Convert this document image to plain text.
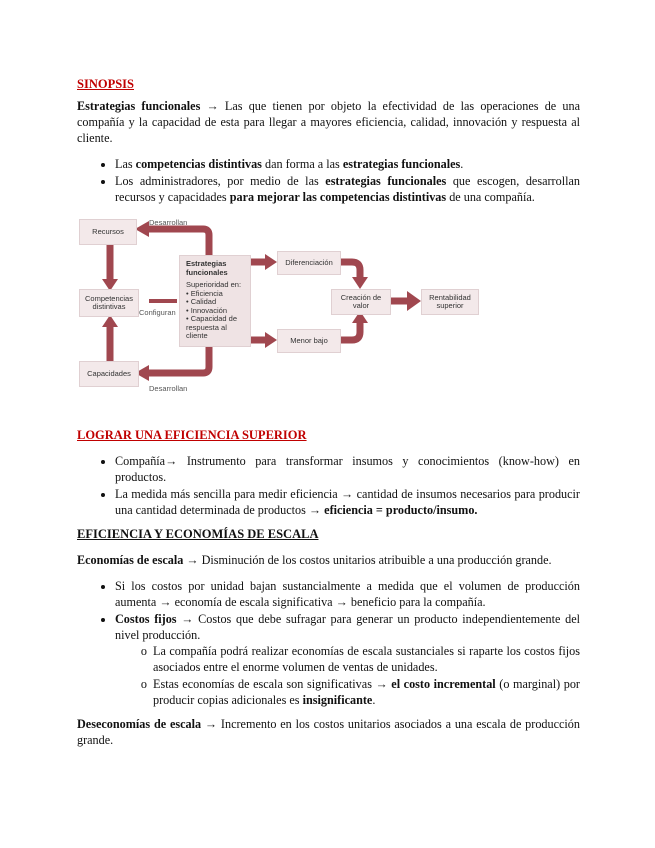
SINOPSIS

Estrategias funcionales → Las que tienen por objeto la efectividad de las operaciones de una compañía y la capacidad de esta para llegar a mayores eficiencia, calidad, innovación y respuesta al cliente.

• Las competencias distintivas dan forma a las estrategias funcionales.
• Los administradores, por medio de las estrategias funcionales que escogen, desarrollan recursos y capacidades para mejorar las competencias distintivas de una compañía.
Recursos
Competencias distintivas
Capacidades
Estrategias funcionales
Superioridad en:
• Eficiencia
• Calidad
• Innovación
• Capacidad de respuesta al cliente
Diferenciación
Menor bajo
Creación de valor
Rentabilidad superior
Desarrollan
Desarrollan
Configuran
LOGRAR UNA EFICIENCIA SUPERIOR
• Compañía→ Instrumento para transformar insumos y conocimientos (know-how) en productos.
• La medida más sencilla para medir eficiencia → cantidad de insumos necesarios para producir una cantidad determinada de productos → eficiencia = producto/insumo.
EFICIENCIA Y ECONOMÍAS DE ESCALA

Economías de escala → Disminución de los costos unitarios atribuible a una producción grande.

• Si los costos por unidad bajan sustancialmente a medida que el volumen de producción aumenta → economía de escala significativa → beneficio para la compañía.
• Costos fijos → Costos que debe sufragar para generar un producto independientemente del nivel producción.
o La compañía podrá realizar economías de escala sustanciales si raparte los costos fijos asociados entre el enorme volumen de ventas de unidades.
o Estas economías de escala son significativas → el costo incremental (o marginal) por producir copias adicionales es insignificante.

Deseconomías de escala → Incremento en los costos unitarios asociados a una escala de producción grande.
